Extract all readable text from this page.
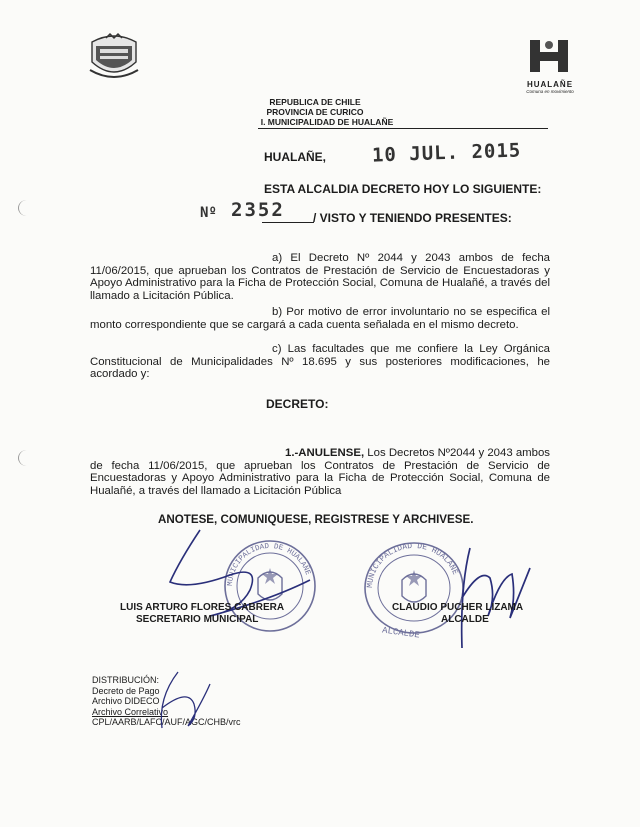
HUALAÑE
Comuna en movimiento
REPUBLICA DE CHILE
PROVINCIA DE CURICO
I. MUNICIPALIDAD DE HUALAÑE
HUALAÑE, 10 JUL. 2015
ESTA ALCALDIA DECRETO HOY LO SIGUIENTE:
Nº 2352 / VISTO Y TENIENDO PRESENTES:
a) El Decreto Nº 2044 y 2043 ambos de fecha 11/06/2015, que aprueban los Contratos de Prestación de Servicio de Encuestadoras y Apoyo Administrativo para la Ficha de Protección Social, Comuna de Hualañé, a través del llamado a Licitación Pública.
b) Por motivo de error involuntario no se especifica el monto correspondiente que se cargará a cada cuenta señalada en el mismo decreto.
c) Las facultades que me confiere la Ley Orgánica Constitucional de Municipalidades Nº 18.695 y sus posteriores modificaciones, he acordado y:
DECRETO:
1.-ANULENSE, Los Decretos Nº2044 y 2043 ambos de fecha 11/06/2015, que aprueban los Contratos de Prestación de Servicio de Encuestadoras y Apoyo Administrativo para la Ficha de Protección Social, Comuna de Hualañé, a través del llamado a Licitación Pública
ANOTESE, COMUNIQUESE, REGISTRESE Y ARCHIVESE.
MUNICIPALIDAD DE HUALAÑE
MUNICIPALIDAD DE HUALAÑE
ALCALDE
LUIS ARTURO FLORES CABRERA
SECRETARIO MUNICIPAL
CLAUDIO PUCHER LIZAMA
ALCALDE
DISTRIBUCIÓN:
Decreto de Pago
Archivo DIDECO
Archivo Correlativo
CPL/AARB/LAFC/AUF/AGC/CHB/vrc
